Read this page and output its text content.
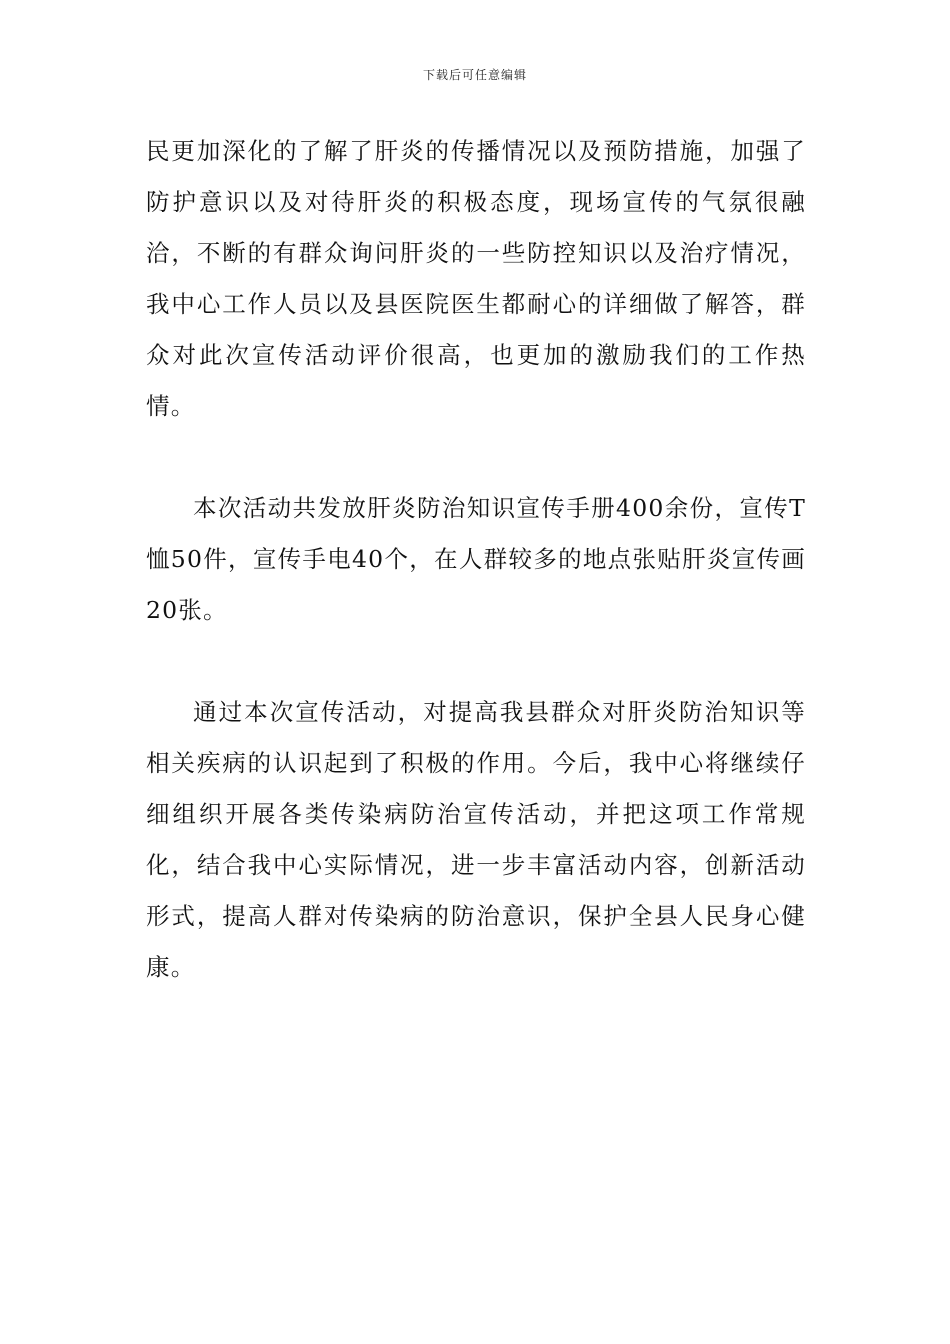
下载后可任意编辑

民更加深化的了解了肝炎的传播情况以及预防措施，加强了防护意识以及对待肝炎的积极态度，现场宣传的气氛很融洽，不断的有群众询问肝炎的一些防控知识以及治疗情况，我中心工作人员以及县医院医生都耐心的详细做了解答，群众对此次宣传活动评价很高，也更加的激励我们的工作热情。

本次活动共发放肝炎防治知识宣传手册400余份，宣传T恤50件，宣传手电40个，在人群较多的地点张贴肝炎宣传画20张。

通过本次宣传活动，对提高我县群众对肝炎防治知识等相关疾病的认识起到了积极的作用。今后，我中心将继续仔细组织开展各类传染病防治宣传活动，并把这项工作常规化，结合我中心实际情况，进一步丰富活动内容，创新活动形式，提高人群对传染病的防治意识，保护全县人民身心健康。
